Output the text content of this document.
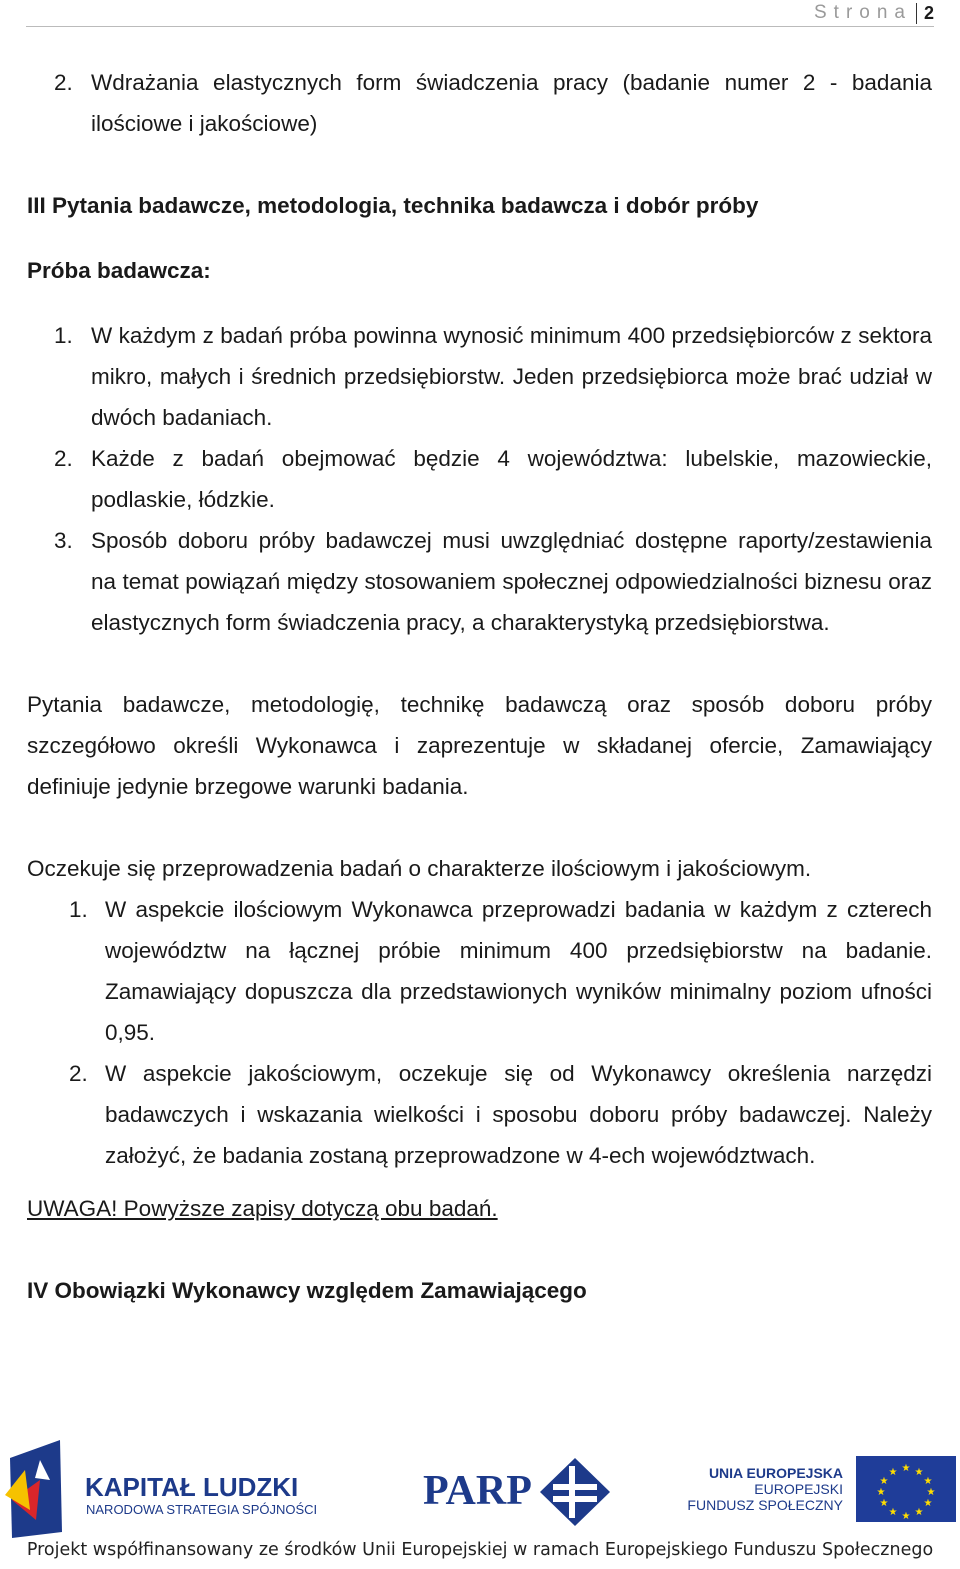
Strona 2
2. Wdrażania elastycznych form świadczenia pracy (badanie numer 2 - badania ilościowe i jakościowe)

III Pytania badawcze, metodologia, technika badawcza i dobór próby

Próba badawcza:

1. W każdym z badań próba powinna wynosić minimum 400 przedsiębiorców z sektora mikro, małych i średnich przedsiębiorstw. Jeden przedsiębiorca może brać udział w dwóch badaniach.
2. Każde z badań obejmować będzie 4 województwa: lubelskie, mazowieckie, podlaskie, łódzkie.
3. Sposób doboru próby badawczej musi uwzględniać dostępne raporty/zestawienia na temat powiązań między stosowaniem społecznej odpowiedzialności biznesu oraz elastycznych form świadczenia pracy, a charakterystyką przedsiębiorstwa.

Pytania badawcze, metodologię, technikę badawczą oraz sposób doboru próby szczegółowo określi Wykonawca i zaprezentuje w składanej ofercie, Zamawiający definiuje jedynie brzegowe warunki badania.

Oczekuje się przeprowadzenia badań o charakterze ilościowym i jakościowym.

1. W aspekcie ilościowym Wykonawca przeprowadzi badania w każdym z czterech województw na łącznej próbie minimum 400 przedsiębiorstw na badanie. Zamawiający dopuszcza dla przedstawionych wyników minimalny poziom ufności 0,95.
2. W aspekcie jakościowym, oczekuje się od Wykonawcy określenia narzędzi badawczych i wskazania wielkości i sposobu doboru próby badawczej. Należy założyć, że badania zostaną przeprowadzone w 4-ech województwach.

UWAGA! Powyższe zapisy dotyczą obu badań.

IV Obowiązki Wykonawcy względem Zamawiającego

KAPITAŁ LUDZKI
NARODOWA STRATEGIA SPÓJNOŚCI	PARP	UNIA EUROPEJSKA
EUROPEJSKI
FUNDUSZ SPOŁECZNY
★ ★
★
★
★
★
★
★
★
★
★
★
Projekt współfinansowany ze środków Unii Europejskiej w ramach Europejskiego Funduszu Społecznego
